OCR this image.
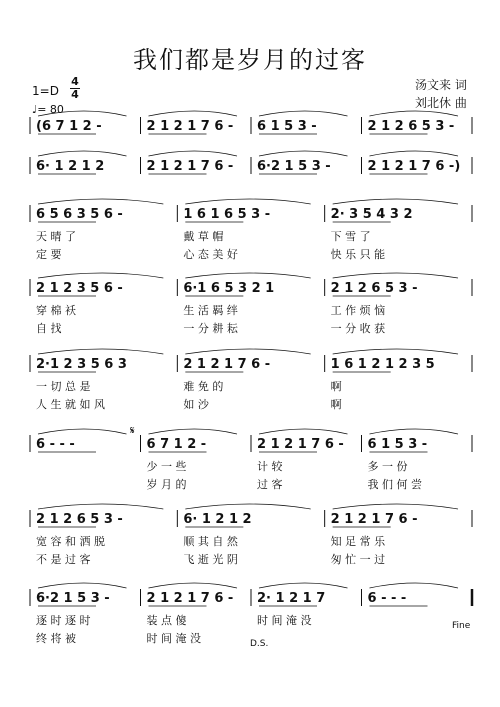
我们都是岁月的过客
汤文来 词
刘北休 曲
1=D
4
4
♩= 80
(6 7 1 2 -	2 1 2 1 7 6 - 6 1 5 3 -	2 1 2 6 5 3 -
6· 1 2 1 2	2 1 2 1 7 6 - 6·2 1 5 3 -	2 1 2 1 7 6 -)
6 5 6 3 5 6 -
天 晴 了
定 要
1 6 1 6 5 3 -
戴 草 帽
心 态 美 好
2· 3 5 4 3 2
下 雪 了
快 乐 只 能
2 1 2 3 5 6 -
穿 棉 袄
自 找
6·1 6 5 3 2 1
生 活 羁 绊
一 分 耕 耘
2 1 2 6 5 3 -
工 作 烦 恼
一 分 收 获
2·1 2 3 5 6 3
一 切 总 是
人 生 就 如 风
2 1 2 1 7 6 -
难 免 的
如 沙
1 6 1 2 1 2 3 5
啊
啊
6 - - -	6 7 1 2 -
少 一 些
岁 月 的
2 1 2 1 7 6 -
计 较
过 客
6 1 5 3 -
多 一 份
我 们 何 尝
2 1 2 6 5 3 -
宽 容 和 洒 脱
不 是 过 客
6· 1 2 1 2
顺 其 自 然
飞 逝 光 阴
2 1 2 1 7 6 -
知 足 常 乐
匆 忙 一 过
6·2 1 5 3 -
逐 时 逐 时
终 将 被
2 1 2 1 7 6 -
装 点 傻
时 间 淹 没
2· 1 2 1 7
时 间 淹 没
6 - - -
𝄋
D.S.
Fine
